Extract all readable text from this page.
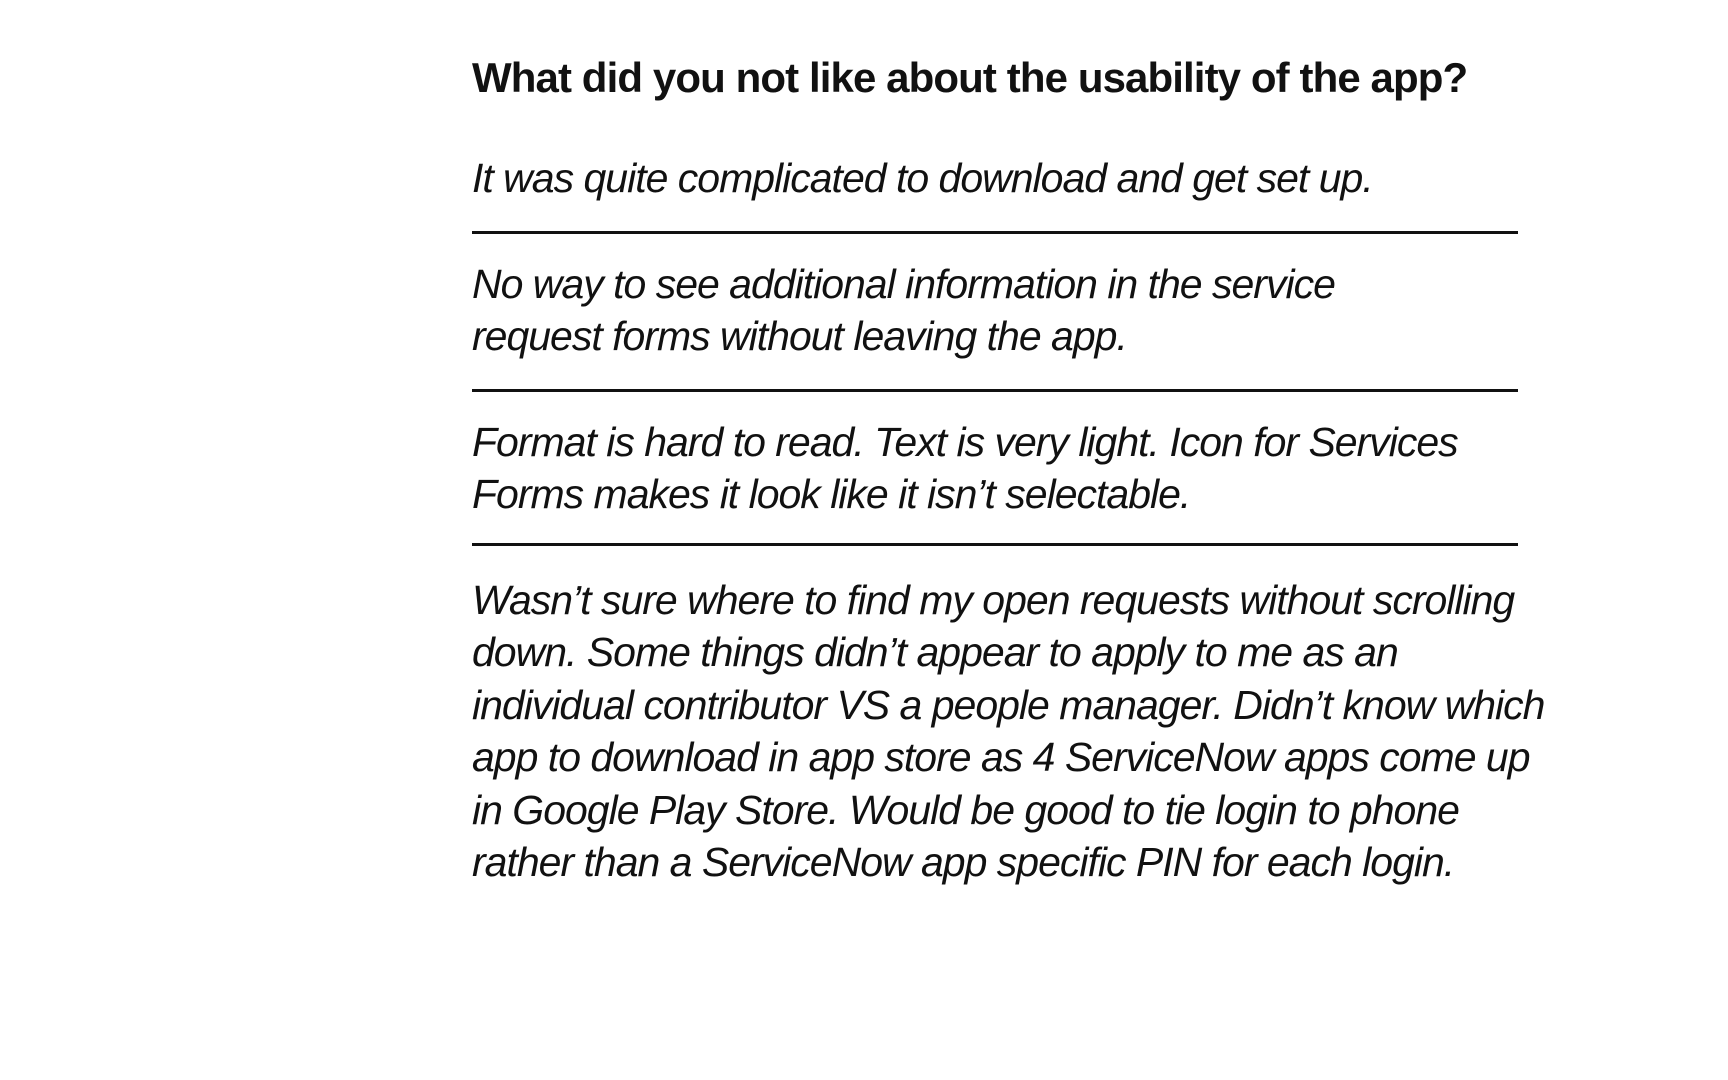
What did you not like about the usability of the app?

It was quite complicated to download and get set up.

No way to see additional information in the service request forms without leaving the app.

Format is hard to read. Text is very light. Icon for Services Forms makes it look like it isn’t selectable.

Wasn’t sure where to find my open requests without scrolling down. Some things didn’t appear to apply to me as an individual contributor VS a people manager. Didn’t know which app to download in app store as 4 ServiceNow apps come up in Google Play Store. Would be good to tie login to phone rather than a ServiceNow app specific PIN for each login.
